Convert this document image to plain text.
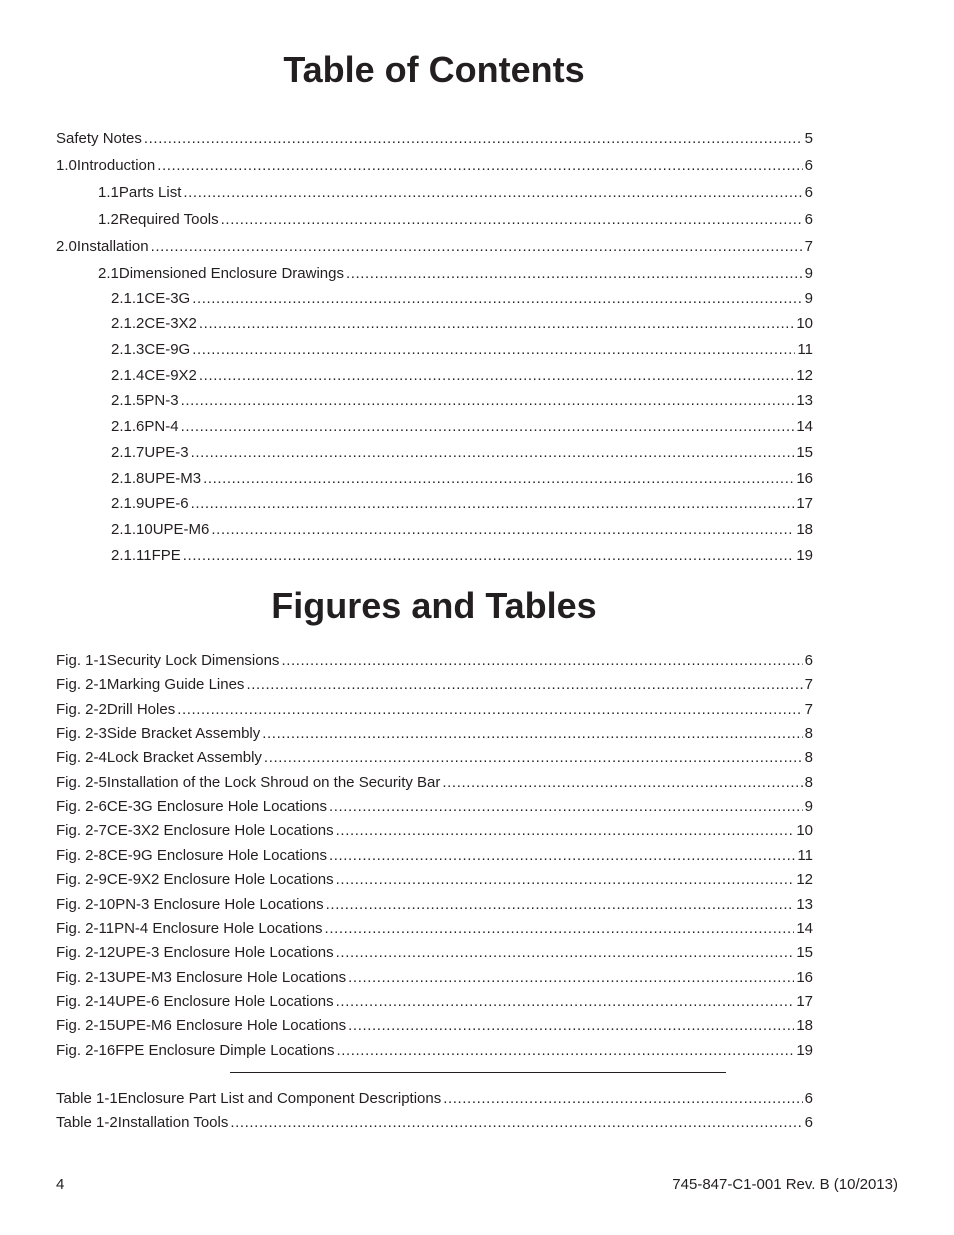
Table of Contents
Safety Notes .....	5
1.0 Introduction .....	6
1.1 Parts List .....	6
1.2 Required Tools .....	6
2.0 Installation .....	7
2.1 Dimensioned Enclosure Drawings .....	9
2.1.1 CE-3G .....	9
2.1.2 CE-3X2 .....	10
2.1.3 CE-9G .....	11
2.1.4 CE-9X2 .....	12
2.1.5 PN-3 .....	13
2.1.6 PN-4 .....	14
2.1.7 UPE-3 .....	15
2.1.8 UPE-M3 .....	16
2.1.9 UPE-6 .....	17
2.1.10 UPE-M6 .....	18
2.1.11 FPE .....	19
Figures and Tables
Fig. 1-1 Security Lock Dimensions .....	6
Fig. 2-1 Marking Guide Lines .....	7
Fig. 2-2 Drill Holes .....	7
Fig. 2-3 Side Bracket Assembly .....	8
Fig. 2-4 Lock Bracket Assembly .....	8
Fig. 2-5 Installation of the Lock Shroud on the Security Bar .....	8
Fig. 2-6 CE-3G Enclosure Hole Locations .....	9
Fig. 2-7 CE-3X2 Enclosure Hole Locations .....	10
Fig. 2-8 CE-9G Enclosure Hole Locations .....	11
Fig. 2-9 CE-9X2 Enclosure Hole Locations .....	12
Fig. 2-10 PN-3 Enclosure Hole Locations .....	13
Fig. 2-11 PN-4 Enclosure Hole Locations .....	14
Fig. 2-12 UPE-3 Enclosure Hole Locations .....	15
Fig. 2-13 UPE-M3 Enclosure Hole Locations .....	16
Fig. 2-14 UPE-6 Enclosure Hole Locations .....	17
Fig. 2-15 UPE-M6 Enclosure Hole Locations .....	18
Fig. 2-16 FPE Enclosure Dimple Locations .....	19
Table 1-1 Enclosure Part List and Component Descriptions .....	6
Table 1-2 Installation Tools .....	6
4	745-847-C1-001 Rev. B (10/2013)
